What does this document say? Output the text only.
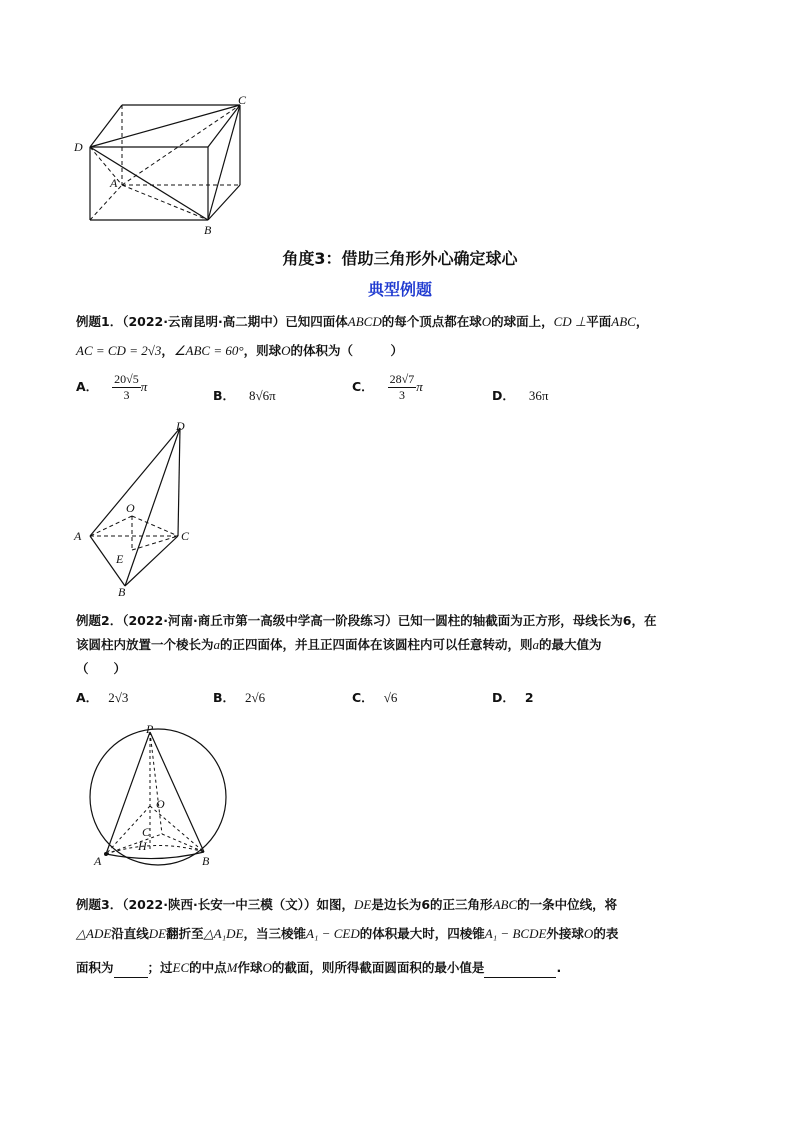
C
D
A
B
角度3：借助三角形外心确定球心
典型例题
例题1．（2022·云南昆明·高二期中）已知四面体ABCD的每个顶点都在球O的球面上，CD ⊥平面ABC，
AC = CD = 2√3，∠ABC = 60°，则球O的体积为（　　　）
A． $\frac{20√5}{3}$ π
B． 8√6π
C． $\frac{28√7}{3}$ π
D． 36π
D
O
A	C
E
B
例题2．（2022·河南·商丘市第一高级中学高一阶段练习）已知一圆柱的轴截面为正方形，母线长为6，在
该圆柱内放置一个棱长为a的正四面体，并且正四面体在该圆柱内可以任意转动，则a的最大值为
（　　）
A． 2√3	B． 2√6	C． √6	D． 2
P
O
C
H
A	B
例题3．（2022·陕西·长安一中三模（文））如图，DE是边长为6的正三角形ABC的一条中位线，将
△ADE沿直线DE翻折至△A₁DE，当三棱锥A₁ − CED的体积最大时，四棱锥A₁ − BCDE外接球O的表
面积为	；过EC的中点M作球O的截面，则所得截面圆面积的最小值是	.
